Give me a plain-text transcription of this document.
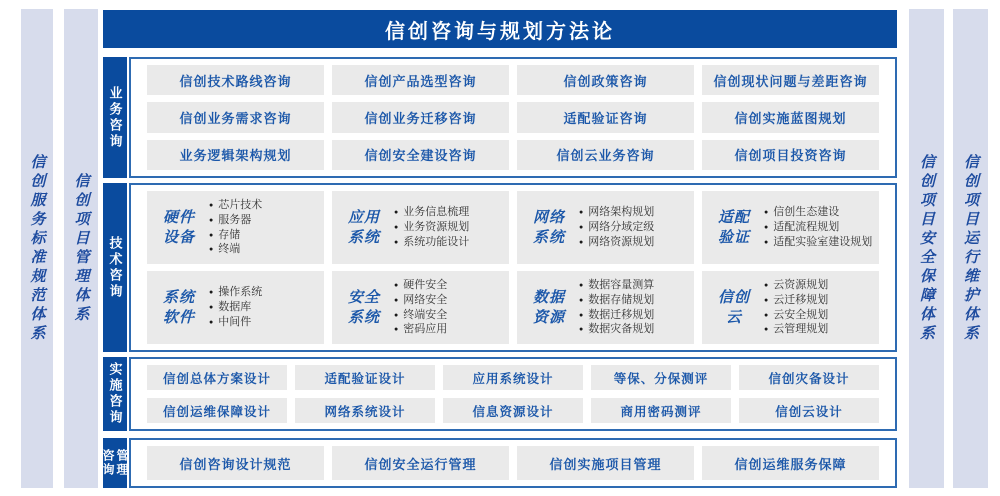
信创服务标准规范体系 信创项目管理体系
信创咨询与规划方法论
业务咨询
信创技术路线咨询	信创产品选型咨询	信创政策咨询	信创现状问题与差距咨询
信创业务需求咨询	信创业务迁移咨询	适配验证咨询	信创实施蓝图规划
业务逻辑架构规划	信创安全建设咨询	信创云业务咨询	信创项目投资咨询
技术咨询
硬件设备
● 芯片技术
● 服务器
● 存储
● 终端
应用系统
● 业务信息梳理
● 业务资源规划
● 系统功能设计
网络系统
● 网络架构规划
● 网络分域定级
● 网络资源规划
适配验证
● 信创生态建设
● 适配流程规划
● 适配实验室建设规划
系统软件
● 操作系统
● 数据库
● 中间件
安全系统
● 硬件安全
● 网络安全
● 终端安全
● 密码应用
数据资源
● 数据容量测算
● 数据存储规划
● 数据迁移规划
● 数据灾备规划
信创云
● 云资源规划
● 云迁移规划
● 云安全规划
● 云管理规划
实施咨询	信创总体方案设计	适配验证设计	应用系统设计	等保、分保测评	信创灾备设计
信创运维保障设计	网络系统设计	信息资源设计	商用密码测评	信创云设计
咨询 管理	信创咨询设计规范	信创安全运行管理	信创实施项目管理	信创运维服务保障
信创项目安全保障体系 信创项目运行维护体系
